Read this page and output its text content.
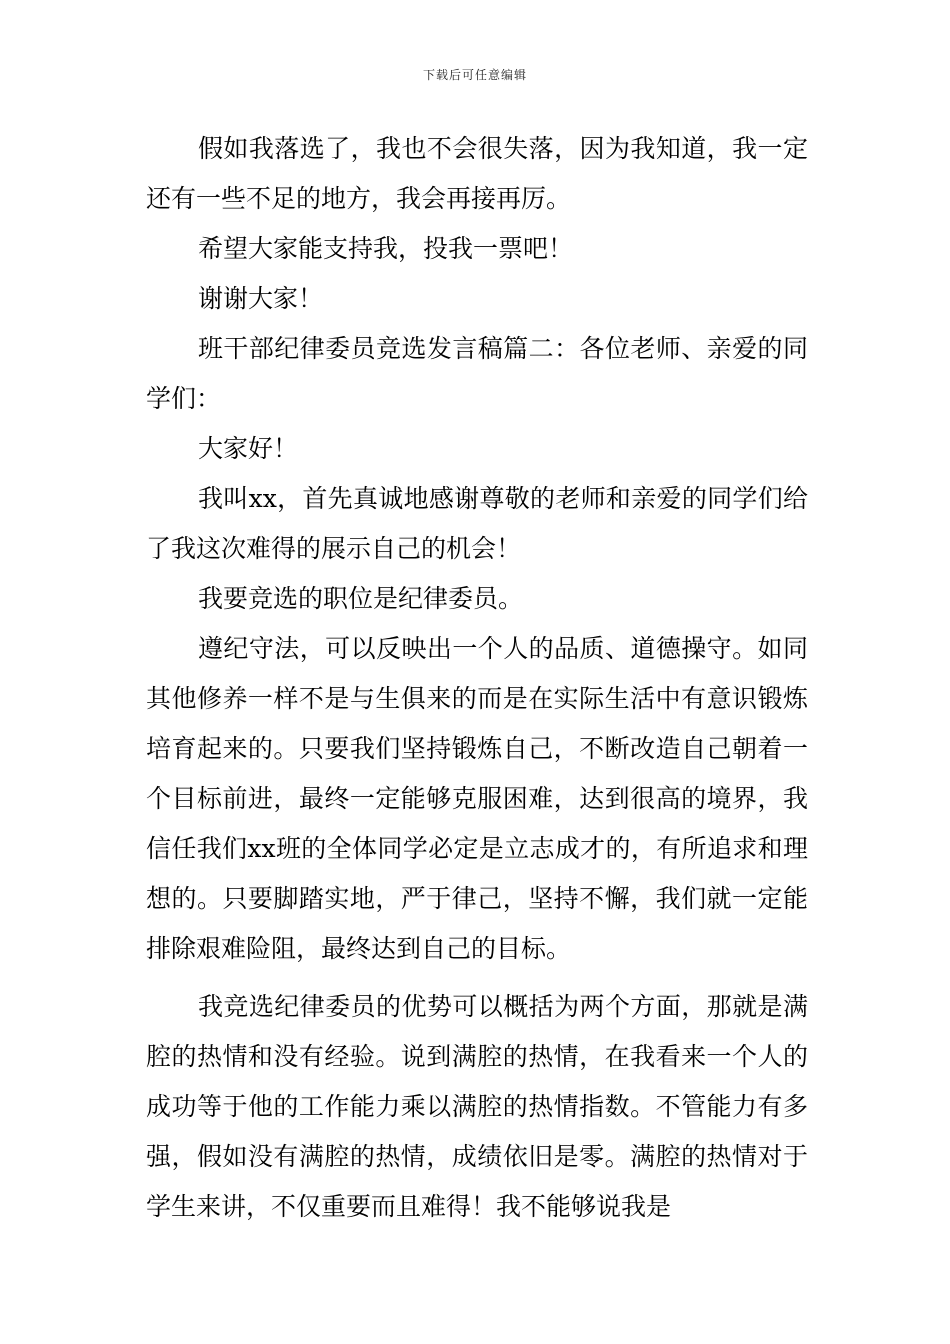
下载后可任意编辑

假如我落选了，我也不会很失落，因为我知道，我一定还有一些不足的地方，我会再接再厉。

希望大家能支持我，投我一票吧！

谢谢大家！

班干部纪律委员竞选发言稿篇二：各位老师、亲爱的同学们：

大家好！

我叫xx，首先真诚地感谢尊敬的老师和亲爱的同学们给了我这次难得的展示自己的机会！

我要竞选的职位是纪律委员。

遵纪守法，可以反映出一个人的品质、道德操守。如同其他修养一样不是与生俱来的而是在实际生活中有意识锻炼培育起来的。只要我们坚持锻炼自己，不断改造自己朝着一个目标前进，最终一定能够克服困难，达到很高的境界，我信任我们xx班的全体同学必定是立志成才的，有所追求和理想的。只要脚踏实地，严于律己，坚持不懈，我们就一定能排除艰难险阻，最终达到自己的目标。

我竞选纪律委员的优势可以概括为两个方面，那就是满腔的热情和没有经验。说到满腔的热情，在我看来一个人的成功等于他的工作能力乘以满腔的热情指数。不管能力有多强，假如没有满腔的热情，成绩依旧是零。满腔的热情对于学生来讲，不仅重要而且难得！我不能够说我是
